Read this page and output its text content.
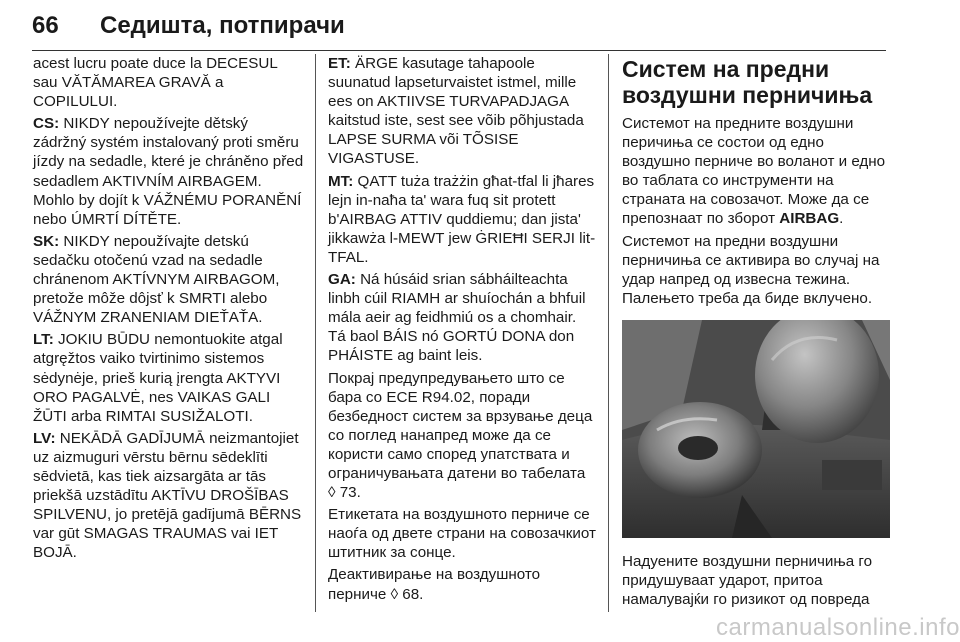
66	Седишта, потпирачи

acest lucru poate duce la DECESUL sau VĂTĂMAREA GRAVĂ a COPILULUI.

CS: NIKDY nepoužívejte dětský zádržný systém instalovaný proti směru jízdy na sedadle, které je chráněno před sedadlem AKTIVNÍM AIRBAGEM. Mohlo by dojít k VÁŽNÉMU PORANĚNÍ nebo ÚMRTÍ DÍTĚTE.

SK: NIKDY nepoužívajte detskú sedačku otočenú vzad na sedadle chránenom AKTÍVNYM AIRBAGOM, pretože môže dôjsť k SMRTI alebo VÁŽNYM ZRANENIAM DIEŤAŤA.

LT: JOKIU BŪDU nemontuokite atgal atgręžtos vaiko tvirtinimo sistemos sėdynėje, prieš kurią įrengta AKTYVI ORO PAGALVĖ, nes VAIKAS GALI ŽŪTI arba RIMTAI SUSIŽALOTI.

LV: NEKĀDĀ GADĪJUMĀ neizmantojiet uz aizmuguri vērstu bērnu sēdeklīti sēdvietā, kas tiek aizsargāta ar tās priekšā uzstādītu AKTĪVU DROŠĪBAS SPILVENU, jo pretējā gadījumā BĒRNS var gūt SMAGAS TRAUMAS vai IET BOJĀ.

ET: ÄRGE kasutage tahapoole suunatud lapseturvaistet istmel, mille ees on AKTIIVSE TURVAPADJAGA kaitstud iste, sest see võib põhjustada LAPSE SURMA või TÕSISE VIGASTUSE.

MT: QATT tuża trażżin għat-tfal li jħares lejn in-naħa ta' wara fuq sit protett b'AIRBAG ATTIV quddiemu; dan jista' jikkawża l-MEWT jew ĠRIEĦI SERJI lit-TFAL.

GA: Ná húsáid srian sábháilteachta linbh cúil RIAMH ar shuíochán a bhfuil mála aeir ag feidhmiú os a chomhair. Tá baol BÁIS nó GORTÚ DONA don PHÁISTE ag baint leis.

Покрај предупредувањето што се бара со ECE R94.02, поради безбедност систем за врзување деца со поглед нанапред може да се користи само според упатствата и ограничувањата датени во табелата ◊ 73.

Етикетата на воздушното перниче се наоѓа од двете страни на совозачкиот штитник за сонце.

Деактивирање на воздушното перниче ◊ 68.

Систем на предни воздушни перничиња

Системот на предните воздушни перичиња се состои од едно воздушно перниче во воланот и едно во таблата со инструменти на страната на совозачот. Може да се препознаат по зборот AIRBAG.

Системот на предни воздушни перничиња се активира во случај на удар напред од извесна тежина. Палењето треба да биде вклучено.

Надуените воздушни перничиња го придушуваат ударот, притоа намалувајќи го ризикот од повреда

carmanualsonline.info
